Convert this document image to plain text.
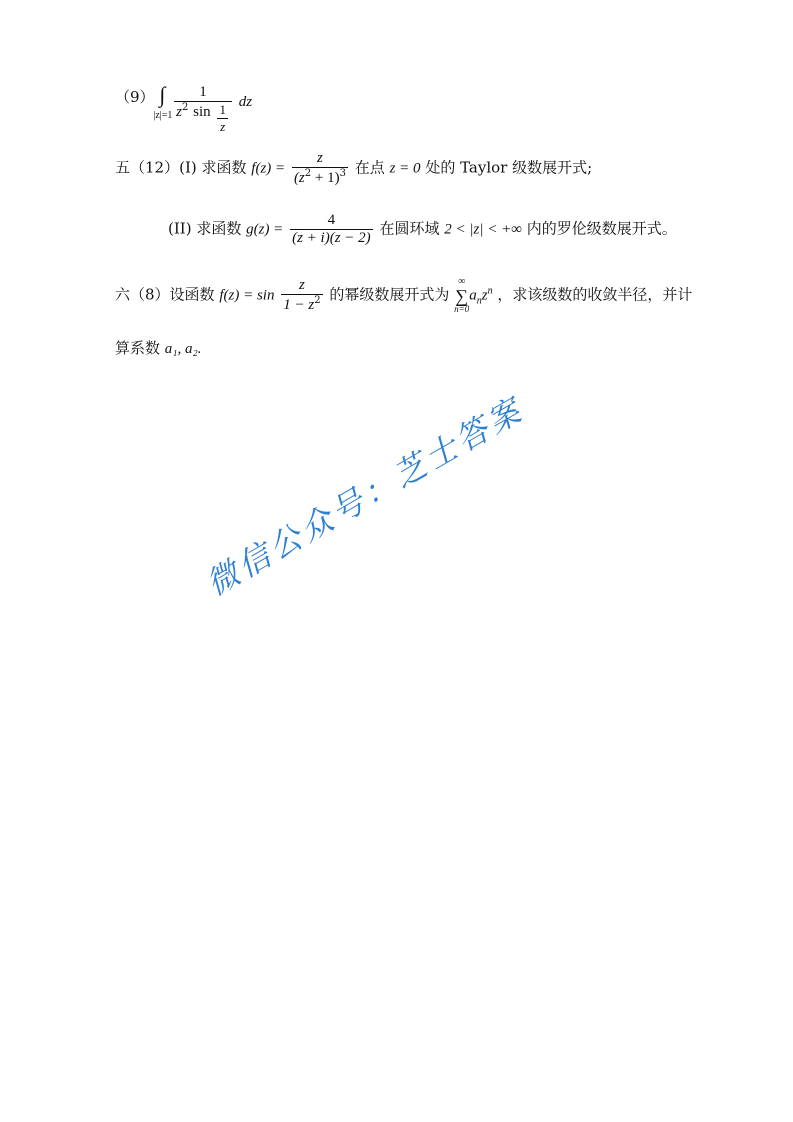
（9） ∫
$|z|=1 \frac{1}{z^2 \sin \frac{1}{z}}$ dz
五（12）(I) 求函数 $f(z) = \frac{z}{(z^2 + 1)^3}$ 在点 z = 0 处的 Taylor 级数展开式;
(II) 求函数 $g(z) = \frac{4}{(z + i)(z - 2)}$ 在圆环域 2 < |z| < +∞ 内的罗伦级数展开式。
六（8）设函数 $f(z) = \sin \frac{z}{1 - z^2}$ 的幂级数展开式为
∞
∑
n=0
$a_nz^n$ ，求该级数的收敛半径，并计
算系数 a₁, a₂.
微信公众号：芝士答案
